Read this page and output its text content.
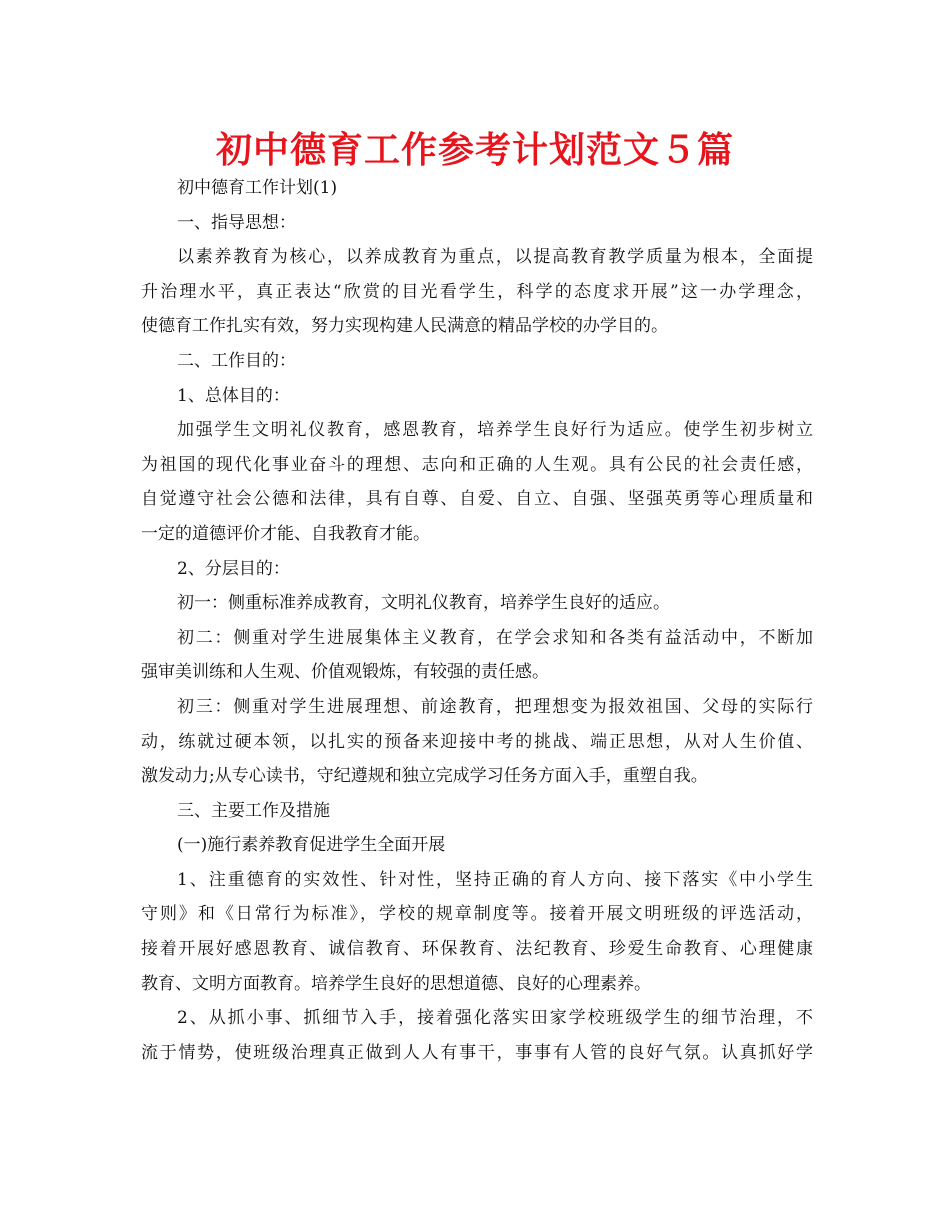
初中德育工作参考计划范文５篇

初中德育工作计划(1)

一、指导思想：

以素养教育为核心，以养成教育为重点，以提高教育教学质量为根本，全面提
升治理水平，真正表达“欣赏的目光看学生，科学的态度求开展”这一办学理念，
使德育工作扎实有效，努力实现构建人民满意的精品学校的办学目的。

二、工作目的：

1、总体目的：

加强学生文明礼仪教育，感恩教育，培养学生良好行为适应。使学生初步树立
为祖国的现代化事业奋斗的理想、志向和正确的人生观。具有公民的社会责任感，
自觉遵守社会公德和法律，具有自尊、自爱、自立、自强、坚强英勇等心理质量和
一定的道德评价才能、自我教育才能。

2、分层目的：

初一：侧重标准养成教育，文明礼仪教育，培养学生良好的适应。

初二：侧重对学生进展集体主义教育，在学会求知和各类有益活动中，不断加
强审美训练和人生观、价值观锻炼，有较强的责任感。

初三：侧重对学生进展理想、前途教育，把理想变为报效祖国、父母的实际行
动，练就过硬本领，以扎实的预备来迎接中考的挑战、端正思想，从对人生价值、
激发动力;从专心读书，守纪遵规和独立完成学习任务方面入手，重塑自我。

三、主要工作及措施

(一)施行素养教育促进学生全面开展

1、注重德育的实效性、针对性，坚持正确的育人方向、接下落实《中小学生
守则》和《日常行为标准》，学校的规章制度等。接着开展文明班级的评选活动，
接着开展好感恩教育、诚信教育、环保教育、法纪教育、珍爱生命教育、心理健康
教育、文明方面教育。培养学生良好的思想道德、良好的心理素养。

2、从抓小事、抓细节入手，接着强化落实田家学校班级学生的细节治理，不
流于情势，使班级治理真正做到人人有事干，事事有人管的良好气氛。认真抓好学
